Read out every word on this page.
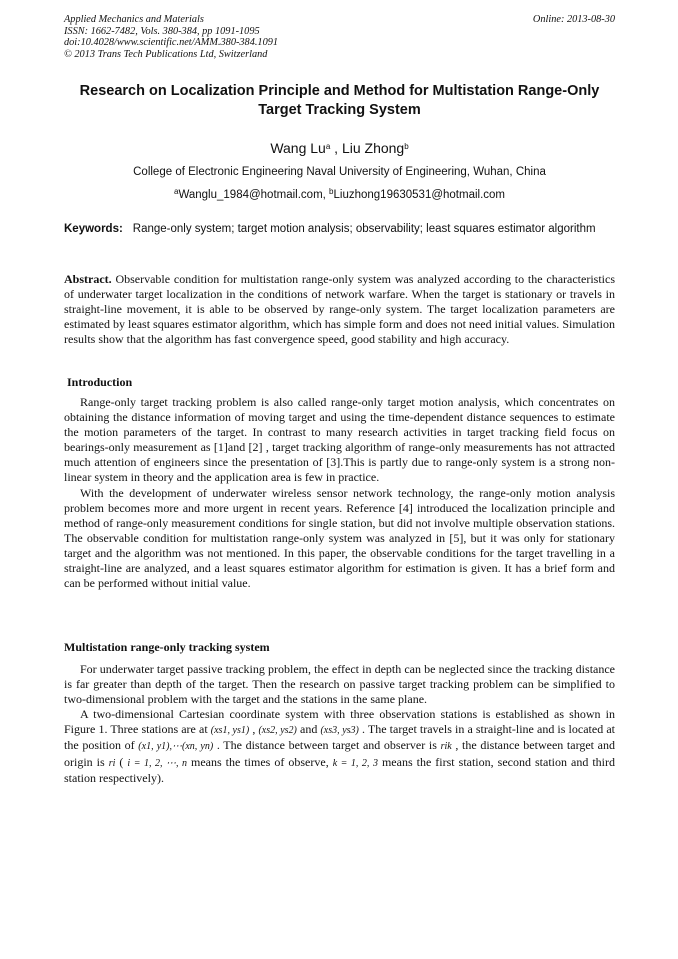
Applied Mechanics and Materials
ISSN: 1662-7482, Vols. 380-384, pp 1091-1095
doi:10.4028/www.scientific.net/AMM.380-384.1091
© 2013 Trans Tech Publications Ltd, Switzerland
Online: 2013-08-30
Research on Localization Principle and Method for Multistation Range-Only Target Tracking System
Wang Lu$^a$ , Liu Zhong$^b$
College of Electronic Engineering Naval University of Engineering, Wuhan, China
$^a$Wanglu_1984@hotmail.com, $^b$Liuzhong19630531@hotmail.com
Keywords: Range-only system; target motion analysis; observability; least squares estimator algorithm
Abstract. Observable condition for multistation range-only system was analyzed according to the characteristics of underwater target localization in the conditions of network warfare. When the target is stationary or travels in straight-line movement, it is able to be observed by range-only system. The target localization parameters are estimated by least squares estimator algorithm, which has simple form and does not need initial values. Simulation results show that the algorithm has fast convergence speed, good stability and high accuracy.
Introduction

Range-only target tracking problem is also called range-only target motion analysis, which concentrates on obtaining the distance information of moving target and using the time-dependent distance sequences to estimate the motion parameters of the target. In contrast to many research activities in target tracking field focus on bearings-only measurement as [1]and [2] , target tracking algorithm of range-only measurements has not attracted much attention of engineers since the presentation of [3].This is partly due to range-only system is a strong non-linear system in theory and the application area is few in practice.

With the development of underwater wireless sensor network technology, the range-only motion analysis problem becomes more and more urgent in recent years. Reference [4] introduced the localization principle and method of range-only measurement conditions for single station, but did not involve multiple observation stations. The observable condition for multistation range-only system was analyzed in [5], but it was only for stationary target and the algorithm was not mentioned. In this paper, the observable conditions for the target travelling in a straight-line are analyzed, and a least squares estimator algorithm for estimation is given. It has a brief form and can be performed without initial value.

Multistation range-only tracking system

For underwater target passive tracking problem, the effect in depth can be neglected since the tracking distance is far greater than depth of the target. Then the research on passive target tracking problem can be simplified to two-dimensional problem with the target and the stations in the same plane.

A two-dimensional Cartesian coordinate system with three observation stations is established as shown in Figure 1. Three stations are at (xs1, ys1) , (xs2, ys2) and (xs3, ys3) . The target travels in a straight-line and is located at the position of (x1, y1),⋯(xn, yn) . The distance between target and observer is rik , the distance between target and origin is ri ( i = 1, 2, ⋯, n means the times of observe, k = 1, 2, 3 means the first station, second station and third station respectively).
